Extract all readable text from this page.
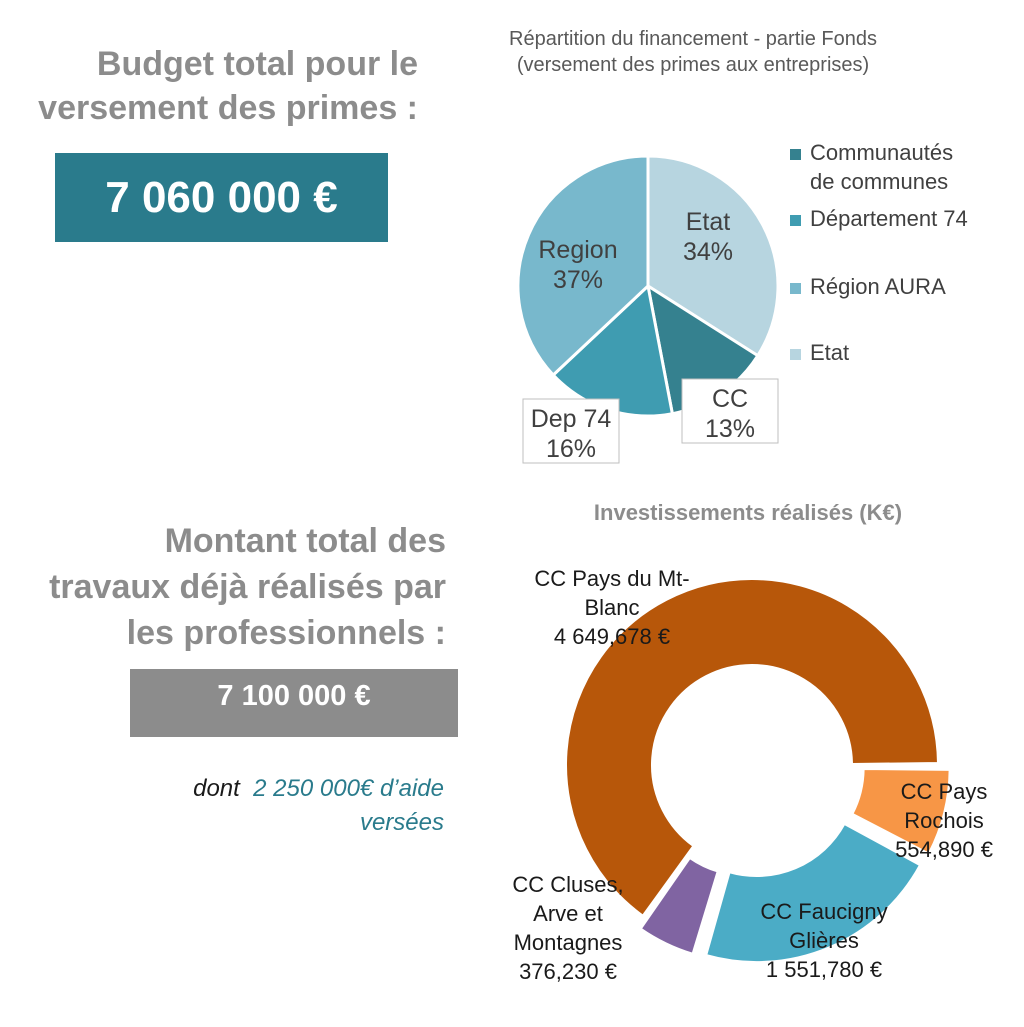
Budget total pour le
versement des primes :
7 060 000 €
Montant total des
travaux déjà réalisés par
les professionnels :
7 100 000 €
dont 2 250 000€ d’aide
versées
Répartition du financement - partie Fonds
(versement des primes aux entreprises)
Communautés
de communes
Département 74
Région AURA
Etat
Investissements réalisés (K€)
Etat
34%
CC
13%
Dep 74
16%
Region
37%
CC Pays
Rochois
554,890 €
CC Faucigny
Glières
1 551,780 €
CC Cluses,
Arve et
Montagnes
376,230 €
CC Pays du Mt-
Blanc
4 649,678 €
